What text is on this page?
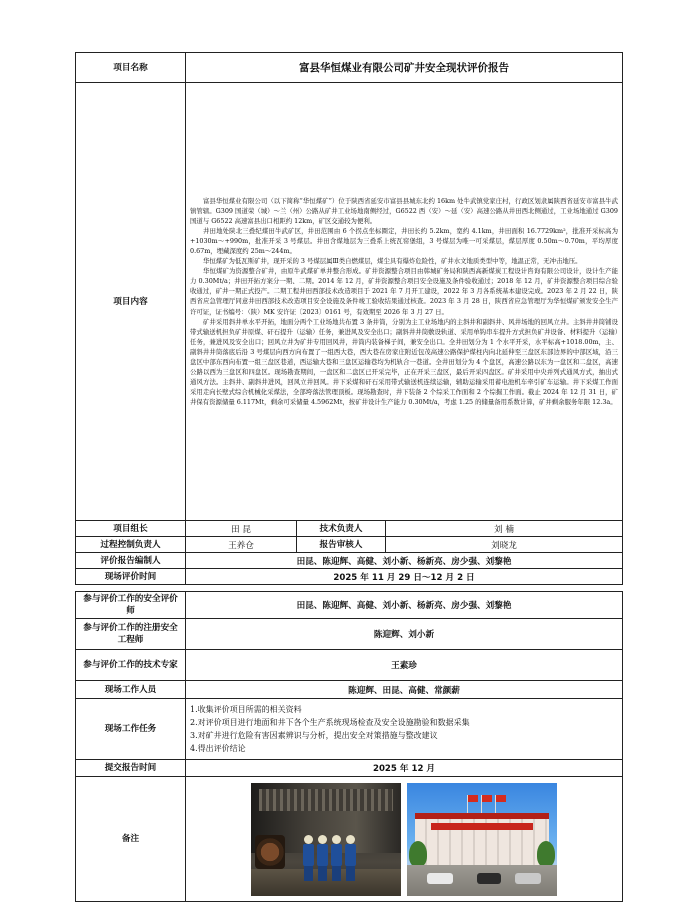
项目名称	富县华恒煤业有限公司矿井安全现状评价报告		
项目内容	富县华恒煤业有限公司（以下简称“华恒煤矿”）位于陕西省延安市富县县城东北约 16km 处牛武镇党家庄村，行政区划隶属陕西省延安市富县牛武镇管辖。G309 国道荣（城）～兰（州）公路从矿井工业场地南侧经过，G6522 西（安）～延（安）高速公路从井田西北侧通过，工业场地通过 G309 国道与 G6522 高速富县出口相距约 12km，矿区交通较为便利。

井田地处陕北三叠纪煤田牛武矿区，井田范围由 6 个拐点坐标圈定，井田长约 5.2km，宽约 4.1km，井田面积 16.7729km²，批准开采标高为+1030m～+990m，批准开采 3 号煤层。井田含煤地层为三叠系上统瓦窑堡组，3 号煤层为唯一可采煤层，煤层厚度 0.50m～0.70m，平均厚度 0.67m，埋藏深度约 25m～244m。

华恒煤矿为低瓦斯矿井，现开采的 3 号煤层属Ⅲ类自燃煤层，煤尘具有爆炸危险性，矿井水文地质类型中等，地温正常，无冲击地压。

华恒煤矿为资源整合矿井，由原牛武煤矿单井整合形成。矿井资源整合项目由韩城矿务局和陕西高新煤炭工程设计咨询有限公司设计，设计生产能力 0.30Mt/a；井田开拓方案分一期、二期。2014 年 12 月，矿井资源整合项目安全设施及条件验收通过；2018 年 12 月，矿井资源整合项目综合验收通过，矿井一期正式投产。二期工程井田西部技术改造项目于 2021 年 7 月开工建设，2022 年 3 月各系统基本建设完成。2023 年 2 月 22 日，陕西省应急管理厅同意井田西部技术改造项目安全设施及条件竣工验收结果通过核查。2023 年 3 月 28 日，陕西省应急管理厅为华恒煤矿颁发安全生产许可证，证书编号：（陕）MK 安许证〔2023〕0161 号，有效期至 2026 年 3 月 27 日。

矿井采用斜井单水平开拓，地面分两个工业场地共布置 3 条井筒，分别为主工业场地内的主斜井和副斜井、风井场地的回风立井。主斜井井筒铺设带式输送机担负矿井原煤、矸石提升（运输）任务，兼进风及安全出口；副斜井井筒敷设轨道、采用单钩串车提升方式担负矿井设备、材料提升（运输）任务，兼进风及安全出口；回风立井为矿井专用回风井，井筒内装备梯子间，兼安全出口。全井田划分为 1 个水平开采，水平标高+1018.00m，主、副斜井井筒落底后沿 3 号煤层向西方向布置了一组西大巷，西大巷在房家庄附近包茂高速公路保护煤柱内向北延伸至三盘区东部边界的中部区域，沿三盘区中部东西向布置一组三盘区巷道，西运输大巷和三盘区运输巷均为机轨合一巷道。全井田划分为 4 个盘区，高速公路以东为一盘区和二盘区，高速公路以西为三盘区和四盘区。现场勘查期间，一盘区和二盘区已开采完毕，正在开采三盘区，最后开采四盘区。矿井采用中央并列式通风方式，抽出式通风方法。主斜井、副斜井进风，回风立井回风。井下采煤和矸石采用带式输送机连续运输，辅助运输采用蓄电池机车牵引矿车运输。井下采煤工作面采用走向长壁式综合机械化采煤法，全部垮落法管理顶板。现场勘查时，井下装备 2 个综采工作面和 2 个综掘工作面。截止 2024 年 12 月 31 日，矿井保有资源储量 6.117Mt，剩余可采储量 4.5962Mt，按矿井设计生产能力 0.30Mt/a，考虑 1.25 的储量备用系数计算，矿井剩余服务年限 12.3a。		

项目组长	田 昆	技术负责人	刘 楠
过程控制负责人	王养仓	报告审核人	刘晓龙
评价报告编制人	田昆、陈迎辉、高健、刘小新、杨新亮、房少强、刘黎艳		
现场评价时间	2025 年 11 月 29 日～12 月 2 日		
参与评价工作的安全评价师	田昆、陈迎辉、高健、刘小新、杨新亮、房少强、刘黎艳
参与评价工作的注册安全工程师	陈迎辉、刘小新
参与评价工作的技术专家	王素珍
现场工作人员	陈迎辉、田昆、高健、常颜薪
现场工作任务	1.收集评价项目所需的相关资料
2.对评价项目进行地面和井下各个生产系统现场检查及安全设施勘验和数据采集
3.对矿井进行危险有害因素辨识与分析，提出安全对策措施与整改建议
4.得出评价结论

提交报告时间	2025 年 12 月
备注	
